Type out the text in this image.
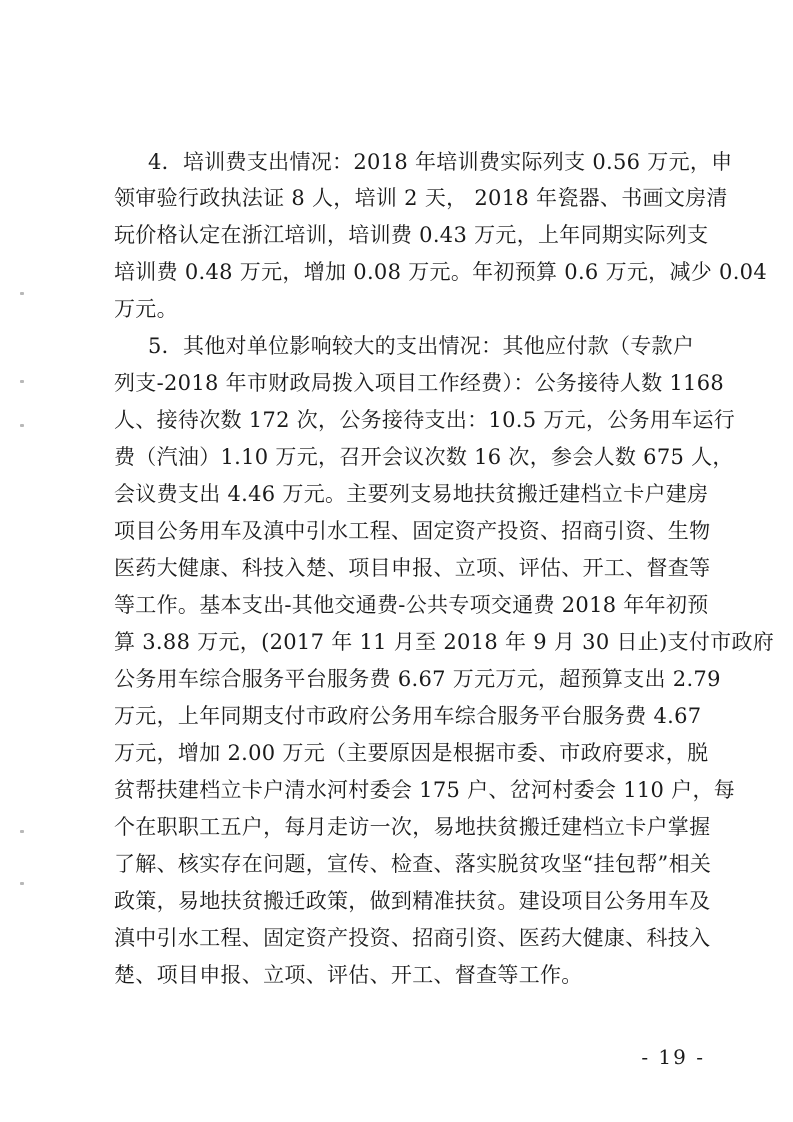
4．培训费支出情况：2018 年培训费实际列支 0.56 万元，申
领审验行政执法证 8 人，培训 2 天， 2018 年瓷器、书画文房清
玩价格认定在浙江培训，培训费 0.43 万元，上年同期实际列支
培训费 0.48 万元，增加 0.08 万元。年初预算 0.6 万元，减少 0.04
万元。
5．其他对单位影响较大的支出情况：其他应付款（专款户
列支-2018 年市财政局拨入项目工作经费）：公务接待人数 1168
人、接待次数 172 次，公务接待支出：10.5 万元，公务用车运行
费（汽油）1.10 万元，召开会议次数 16 次，参会人数 675 人，
会议费支出 4.46 万元。主要列支易地扶贫搬迁建档立卡户建房
项目公务用车及滇中引水工程、固定资产投资、招商引资、生物
医药大健康、科技入楚、项目申报、立项、评估、开工、督查等
等工作。基本支出-其他交通费-公共专项交通费 2018 年年初预
算 3.88 万元，(2017 年 11 月至 2018 年 9 月 30 日止)支付市政府
公务用车综合服务平台服务费 6.67 万元万元，超预算支出 2.79
万元，上年同期支付市政府公务用车综合服务平台服务费 4.67
万元，增加 2.00 万元（主要原因是根据市委、市政府要求，脱
贫帮扶建档立卡户清水河村委会 175 户、岔河村委会 110 户，每
个在职职工五户，每月走访一次，易地扶贫搬迁建档立卡户掌握
了解、核实存在问题，宣传、检查、落实脱贫攻坚“挂包帮”相关
政策，易地扶贫搬迁政策，做到精准扶贫。建设项目公务用车及
滇中引水工程、固定资产投资、招商引资、医药大健康、科技入
楚、项目申报、立项、评估、开工、督查等工作。
- 19 -
